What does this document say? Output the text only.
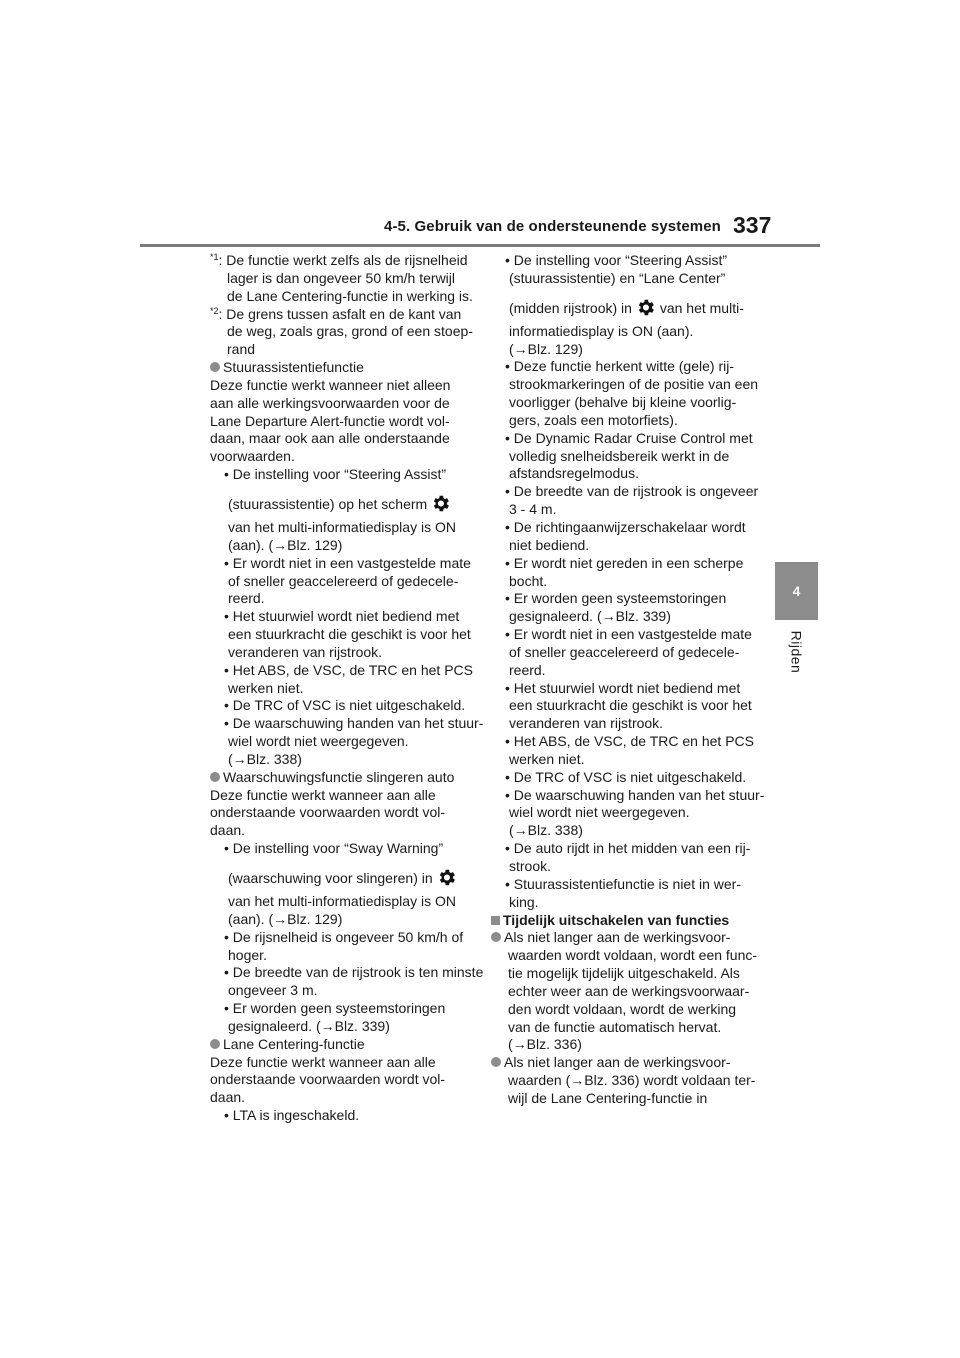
4-5. Gebruik van de ondersteunende systemen 337
4
Rijden
$^{*1}$: De functie werkt zelfs als de rijsnelheid
lager is dan ongeveer 50 km/h terwijl
de Lane Centering-functie in werking is.
$^{*2}$: De grens tussen asfalt en de kant van
de weg, zoals gras, grond of een stoep-
rand
Stuurassistentiefunctie
Deze functie werkt wanneer niet alleen
aan alle werkingsvoorwaarden voor de
Lane Departure Alert-functie wordt vol-
daan, maar ook aan alle onderstaande
voorwaarden.
• De instelling voor “Steering Assist”
(stuurassistentie) op het scherm
van het multi-informatiedisplay is ON
(aan). (→Blz. 129)
• Er wordt niet in een vastgestelde mate
of sneller geaccelereerd of gedecele-
reerd.
• Het stuurwiel wordt niet bediend met
een stuurkracht die geschikt is voor het
veranderen van rijstrook.
• Het ABS, de VSC, de TRC en het PCS
werken niet.
• De TRC of VSC is niet uitgeschakeld.
• De waarschuwing handen van het stuur-
wiel wordt niet weergegeven.
(→Blz. 338)
Waarschuwingsfunctie slingeren auto
Deze functie werkt wanneer aan alle
onderstaande voorwaarden wordt vol-
daan.
• De instelling voor “Sway Warning”
(waarschuwing voor slingeren) in
van het multi-informatiedisplay is ON
(aan). (→Blz. 129)
• De rijsnelheid is ongeveer 50 km/h of
hoger.
• De breedte van de rijstrook is ten minste
ongeveer 3 m.
• Er worden geen systeemstoringen
gesignaleerd. (→Blz. 339)
Lane Centering-functie
Deze functie werkt wanneer aan alle
onderstaande voorwaarden wordt vol-
daan.
• LTA is ingeschakeld.
• De instelling voor “Steering Assist”
(stuurassistentie) en “Lane Center”
(midden rijstrook) in van het multi-
informatiedisplay is ON (aan).
(→Blz. 129)
• Deze functie herkent witte (gele) rij-
strookmarkeringen of de positie van een
voorligger (behalve bij kleine voorlig-
gers, zoals een motorfiets).
• De Dynamic Radar Cruise Control met
volledig snelheidsbereik werkt in de
afstandsregelmodus.
• De breedte van de rijstrook is ongeveer
3 - 4 m.
• De richtingaanwijzerschakelaar wordt
niet bediend.
• Er wordt niet gereden in een scherpe
bocht.
• Er worden geen systeemstoringen
gesignaleerd. (→Blz. 339)
• Er wordt niet in een vastgestelde mate
of sneller geaccelereerd of gedecele-
reerd.
• Het stuurwiel wordt niet bediend met
een stuurkracht die geschikt is voor het
veranderen van rijstrook.
• Het ABS, de VSC, de TRC en het PCS
werken niet.
• De TRC of VSC is niet uitgeschakeld.
• De waarschuwing handen van het stuur-
wiel wordt niet weergegeven.
(→Blz. 338)
• De auto rijdt in het midden van een rij-
strook.
• Stuurassistentiefunctie is niet in wer-
king.
Tijdelijk uitschakelen van functies
Als niet langer aan de werkingsvoor-
waarden wordt voldaan, wordt een func-
tie mogelijk tijdelijk uitgeschakeld. Als
echter weer aan de werkingsvoorwaar-
den wordt voldaan, wordt de werking
van de functie automatisch hervat.
(→Blz. 336)
Als niet langer aan de werkingsvoor-
waarden (→Blz. 336) wordt voldaan ter-
wijl de Lane Centering-functie in
